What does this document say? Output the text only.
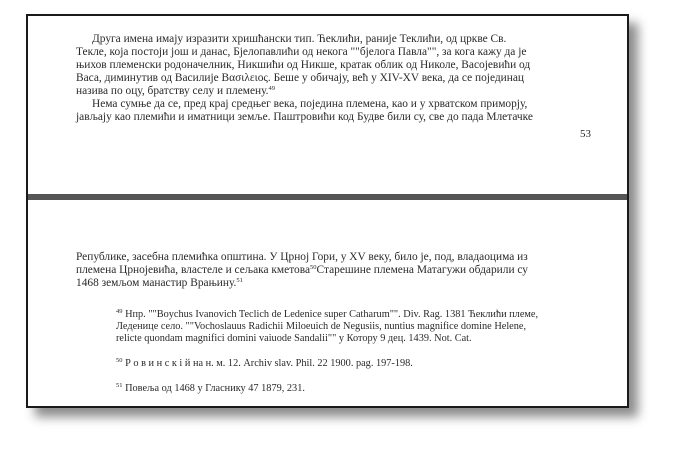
Друга имена имају изразити хришћански тип. Ћеклићи, раније Теклићи, од цркве Св.
Текле, која постоји још и данас, Бјелопавлићи од некога ""бјелога Павла"", за кога кажу да је
њихов племенски родоначелник, Никшићи од Никше, кратак облик од Николе, Васојевићи од
Васа, диминутив од Василије Βασιλειος. Беше у обичају, већ у XIV-XV века, да се појединац
назива по оцу, братству селу и племену.$^{49}$
Нема сумње да се, пред крај средњег века, поједина племена, као и у хрватском приморју,
јављају као племићи и иматници земље. Паштровићи код Будве били су, све до пада Млетачке
53
Републике, засебна племићка општина. У Црној Гори, у XV веку, било је, под, владаоцима из
племена Црнојевића, властеле и сељака кметова$^{50}$Старешине племена Матагужи обдарили су
1468 земљом манастир Врањину.$^{51}$
$^{49}$ Нпр. ""Boychus Ivanovich Teclich de Ledenice super Catharum"". Div. Rag. 1381 Ћеклићи племе,
Леденице село. ""Vochoslauus Radichii Miloeuich de Negusiis, nuntius magnifice domine Helene,
relicte quondam magnifici domini vaiuode Sandalii"" у Котору 9 дец. 1439. Not. Cat.
$^{50}$ Р о в и н с к і й на н. м. 12. Archiv slav. Phil. 22 1900. pag. 197-198.
$^{51}$ Повеља од 1468 у Гласнику 47 1879, 231.
